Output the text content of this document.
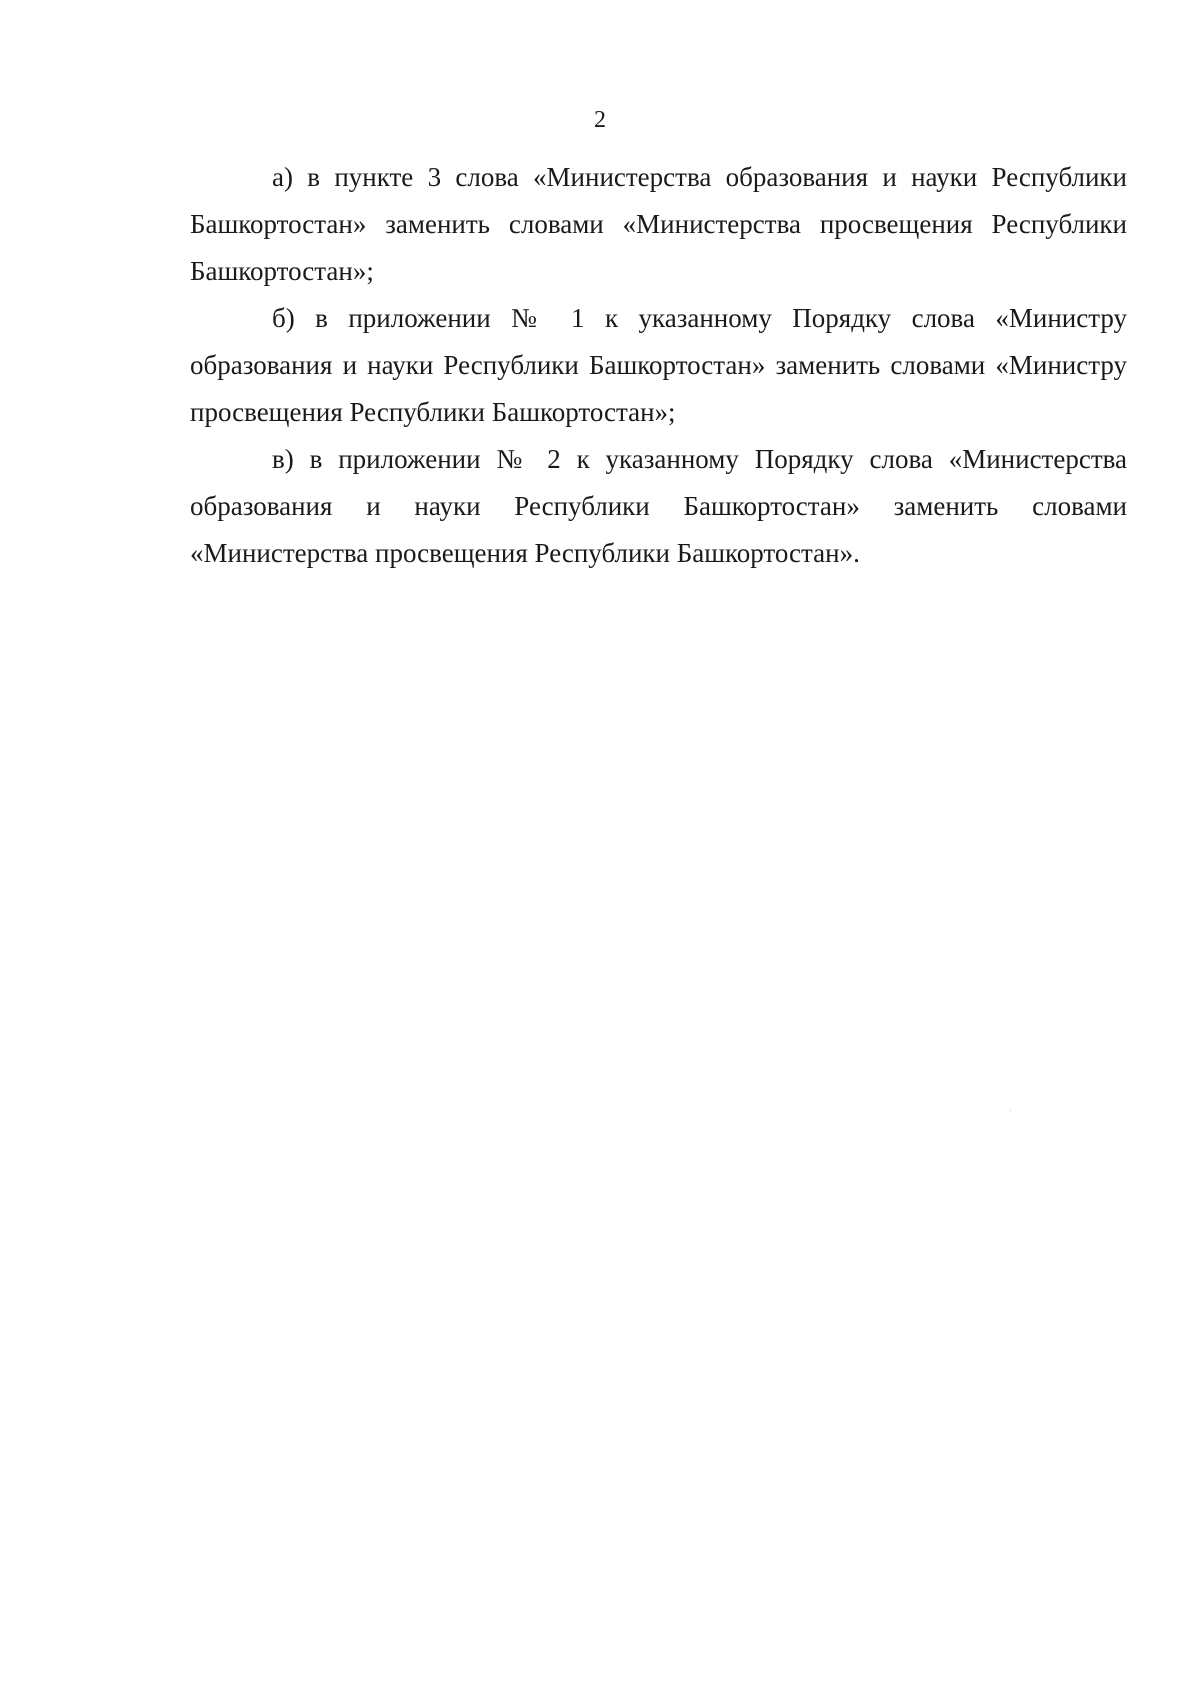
2

а) в пункте 3 слова «Министерства образования и науки Республики Башкортостан» заменить словами «Министерства просвещения Республики Башкортостан»;

б) в приложении № 1 к указанному Порядку слова «Министру образования и науки Республики Башкортостан» заменить словами «Министру просвещения Республики Башкортостан»;

в) в приложении № 2 к указанному Порядку слова «Министерства образования и науки Республики Башкортостан» заменить словами «Министерства просвещения Республики Башкортостан».
